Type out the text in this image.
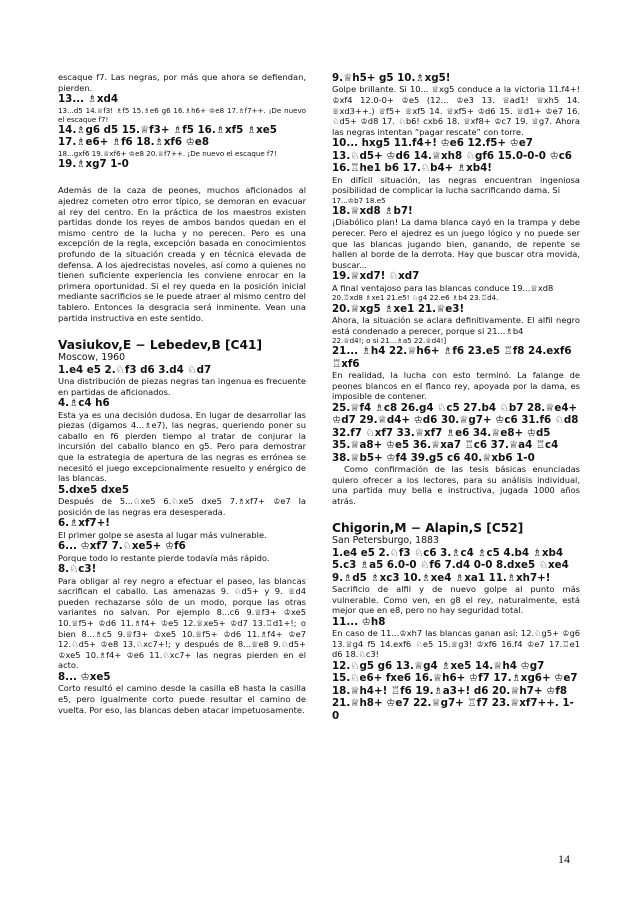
escaque f7. Las negras, por más que ahora se defiendan, pierden.
13... ♗xd4
13...d5 14.♕f3! ♗f5 15.♗e6 g6 16.♗h6+ ♔e8 17.♗f7++. ¡De nuevo el escaque f7!
14.♗g6 d5 15.♕f3+ ♗f5 16.♗xf5 ♗xe5 17.♗e6+ ♗f6 18.♗xf6 ♔e8
18...gxf6 19.♕xf6+ ♔e8 20.♕f7++. ¡De nuevo el escaque f7!
19.♗xg7 1-0
Además de la caza de peones, muchos aficionados al ajedrez cometen otro error típico, se demoran en evacuar al rey del centro. En la práctica de los maestros existen partidas donde los reyes de ambos bandos quedan en el mismo centro de la lucha y no perecen. Pero es una excepción de la regla, excepción basada en conocimientos profundo de la situación creada y en técnica elevada de defensa. A los ajedrecistas noveles, así como a quienes no tienen suficiente experiencia les conviene enrocar en la primera oportunidad. Si el rey queda en la posición inicial mediante sacrificios se le puede atraer al mismo centro del tablero. Entonces la desgracia será inminente. Vean una partida instructiva en este sentido.
Vasiukov,E − Lebedev,B [C41]
Moscow, 1960
1.e4 e5 2.♘f3 d6 3.d4 ♘d7
Una distribución de piezas negras tan ingenua es frecuente en partidas de aficionados.
4.♗c4 h6
Esta ya es una decisión dudosa. En lugar de desarrollar las piezas (digamos 4...♗e7), las negras, queriendo poner su caballo en f6 pierden tiempo al tratar de conjurar la incursión del caballo blanco en g5. Pero para demostrar que la estrategia de apertura de las negras es errónea se necesitó el juego excepcionalmente resuelto y enérgico de las blancas.
5.dxe5 dxe5
Después de 5...♘xe5 6.♘xe5 dxe5 7.♗xf7+ ♔e7 la posición de las negras era desesperada.
6.♗xf7+!
El primer golpe se asesta al lugar más vulnerable.
6... ♔xf7 7.♘xe5+ ♔f6
Porque todo lo restante pierde todavía más rápido.
8.♘c3!
Para obligar al rey negro a efectuar el paseo, las blancas sacrifican el caballo. Las amenazas 9. ♘d5+ y 9. ♕d4 pueden rechazarse sólo de un modo, porque las otras variantes no salvan. Por ejemplo 8...c6 9.♕f3+ ♔xe5 10.♕f5+ ♔d6 11.♗f4+ ♔e5 12.♕xe5+ ♔d7 13.♖d1+!; o bien 8...♗c5 9.♕f3+ ♔xe5 10.♕f5+ ♔d6 11.♗f4+ ♔e7 12.♘d5+ ♔e8 13.♘xc7+!; y después de 8...♕e8 9.♘d5+ ♔xe5 10.♗f4+ ♔e6 11.♘xc7+ las negras pierden en el acto.
8... ♔xe5
Corto resultó el camino desde la casilla e8 hasta la casilla e5, pero igualmente corto puede resultar el camino de vuelta. Por eso, las blancas deben atacar impetuosamente.
9.♕h5+ g5 10.♗xg5!
Golpe brillante. Si 10... ♕xg5 conduce a la victoria 11.f4+! ♔xf4 12.0-0+ ♔e5 (12... ♔e3 13. ♕ad1! ♕xh5 14. ♕xd3++.) ♕f5+ ♕xf5 14. ♕xf5+ ♔d6 15. ♕d1+ ♔e7 16. ♘d5+ ♔d8 17. ♘b6! cxb6 18. ♕xf8+ ♔c7 19. ♕g7. Ahora las negras intentan “pagar rescate” con torre.
10... hxg5 11.f4+! ♔e6 12.f5+ ♔e7 13.♘d5+ ♔d6 14.♕xh8 ♘gf6 15.0-0-0 ♔c6 16.♖he1 b6 17.♘b4+ ♗xb4!
En difícil situación, las negras encuentran ingeniosa posibilidad de complicar la lucha sacrificando dama. Si
17...♔b7 18.e5
18.♕xd8 ♗b7!
¡Diabólico plan! La dama blanca cayó en la trampa y debe perecer. Pero el ajedrez es un juego lógico y no puede ser que las blancas jugando bien, ganando, de repente se hallen al borde de la derrota. Hay que buscar otra movida, buscar...
19.♕xd7! ♘xd7
A final ventajoso para las blancas conduce 19...♕xd8
20.♖xd8 ♗xe1 21.e5! ♘g4 22.e6 ♗b4 23.♖d4.
20.♕xg5 ♗xe1 21.♕e3!
Ahora, la situación se aclara definitivamente. El alfil negro está condenado a perecer, porque si 21...♗b4
22.♕d4!; o si 21...♗a5 22.♕d4!]
21... ♗h4 22.♕h6+ ♗f6 23.e5 ♖f8 24.exf6 ♖xf6
En realidad, la lucha con esto terminó. La falange de peones blancos en el flanco rey, apoyada por la dama, es imposible de contener.
25.♕f4 ♗c8 26.g4 ♘c5 27.b4 ♘b7 28.♕e4+ ♔d7 29.♕d4+ ♔d6 30.♕g7+ ♔c6 31.f6 ♘d8 32.f7 ♘xf7 33.♕xf7 ♗e6 34.♕e8+ ♔d5 35.♕a8+ ♔e5 36.♕xa7 ♖c6 37.♕a4 ♖c4 38.♕b5+ ♔f4 39.g5 c6 40.♕xb6 1-0
Como confirmación de las tesis básicas enunciadas quiero ofrecer a los lectores, para su análisis individual, una partida muy bella e instructiva, jugada 1000 años atrás.
Chigorin,M − Alapin,S [C52]
San Petersburgo, 1883
1.e4 e5 2.♘f3 ♘c6 3.♗c4 ♗c5 4.b4 ♗xb4 5.c3 ♗a5 6.0-0 ♘f6 7.d4 0-0 8.dxe5 ♘xe4 9.♗d5 ♗xc3 10.♗xe4 ♗xa1 11.♗xh7+!
Sacrificio de alfil y de nuevo golpe al punto más vulnerable. Como ven, en g8 el rey, naturalmente, está mejor que en e8, pero no hay seguridad total.
11... ♔h8
En caso de 11...♔xh7 las blancas ganan así: 12.♘g5+ ♔g6 13.♕g4 f5 14.exf6 ♘e5 15.♕g3! ♔xf6 16.f4 ♔e7 17.♖e1 d6 18.♘c3!
12.♘g5 g6 13.♕g4 ♗xe5 14.♕h4 ♔g7 15.♘e6+ fxe6 16.♕h6+ ♔f7 17.♗xg6+ ♔e7 18.♕h4+! ♖f6 19.♗a3+! d6 20.♕h7+ ♔f8 21.♕h8+ ♔e7 22.♕g7+ ♖f7 23.♕xf7++. 1-0
14
